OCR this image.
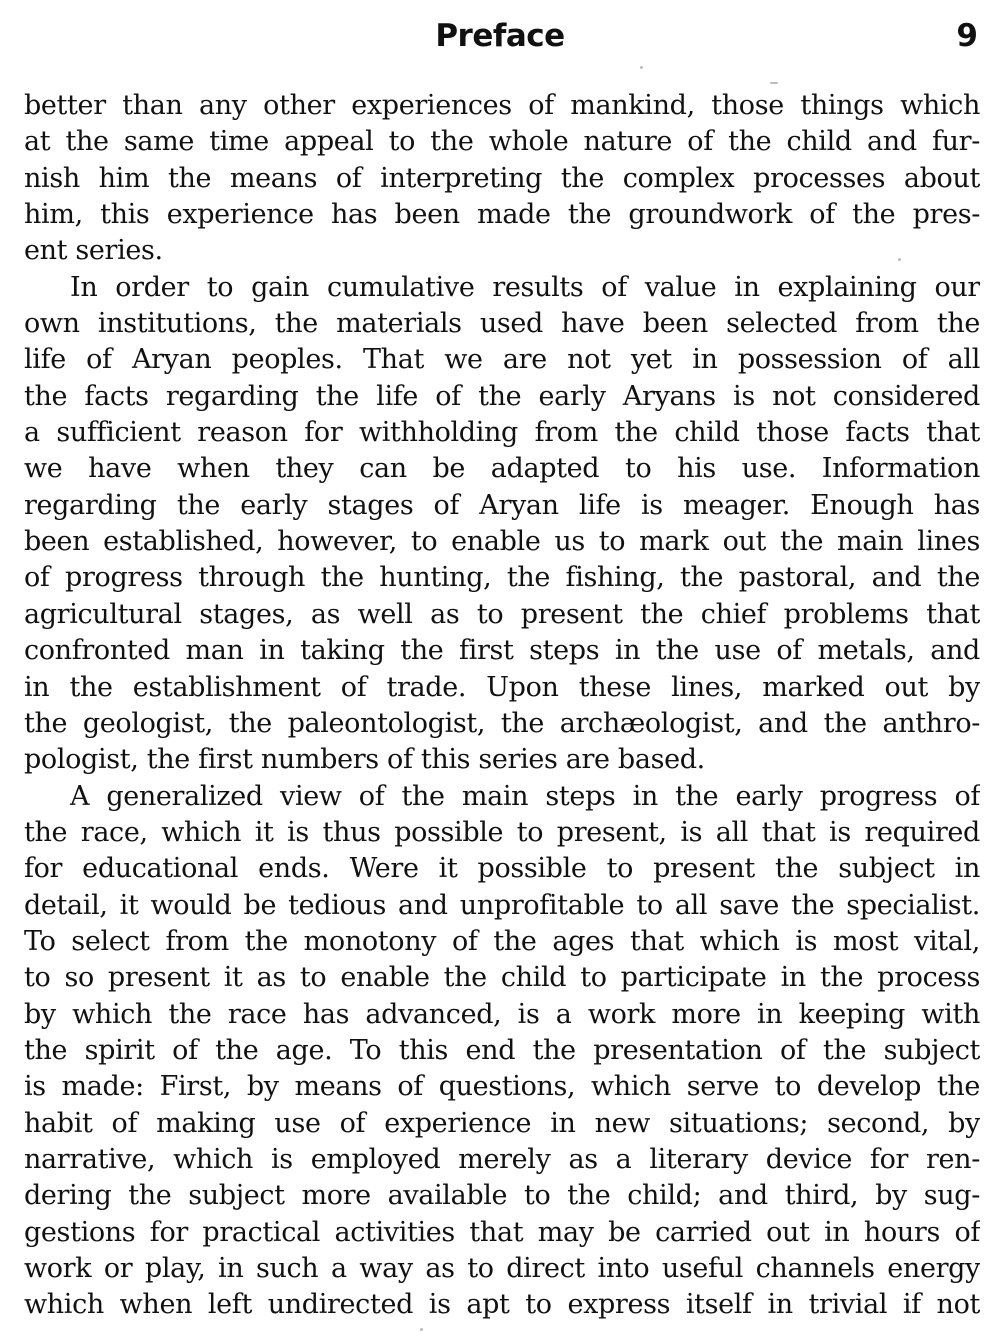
Preface	9
better than any other experiences of mankind, those things which
at the same time appeal to the whole nature of the child and fur-
nish him the means of interpreting the complex processes about
him, this experience has been made the groundwork of the pres-
ent series.
In order to gain cumulative results of value in explaining our
own institutions, the materials used have been selected from the
life of Aryan peoples. That we are not yet in possession of all
the facts regarding the life of the early Aryans is not considered
a sufficient reason for withholding from the child those facts that
we have when they can be adapted to his use. Information
regarding the early stages of Aryan life is meager. Enough has
been established, however, to enable us to mark out the main lines
of progress through the hunting, the fishing, the pastoral, and the
agricultural stages, as well as to present the chief problems that
confronted man in taking the first steps in the use of metals, and
in the establishment of trade. Upon these lines, marked out by
the geologist, the paleontologist, the archæologist, and the anthro-
pologist, the first numbers of this series are based.
A generalized view of the main steps in the early progress of
the race, which it is thus possible to present, is all that is required
for educational ends. Were it possible to present the subject in
detail, it would be tedious and unprofitable to all save the specialist.
To select from the monotony of the ages that which is most vital,
to so present it as to enable the child to participate in the process
by which the race has advanced, is a work more in keeping with
the spirit of the age. To this end the presentation of the subject
is made: First, by means of questions, which serve to develop the
habit of making use of experience in new situations; second, by
narrative, which is employed merely as a literary device for ren-
dering the subject more available to the child; and third, by sug-
gestions for practical activities that may be carried out in hours of
work or play, in such a way as to direct into useful channels energy
which when left undirected is apt to express itself in trivial if not
